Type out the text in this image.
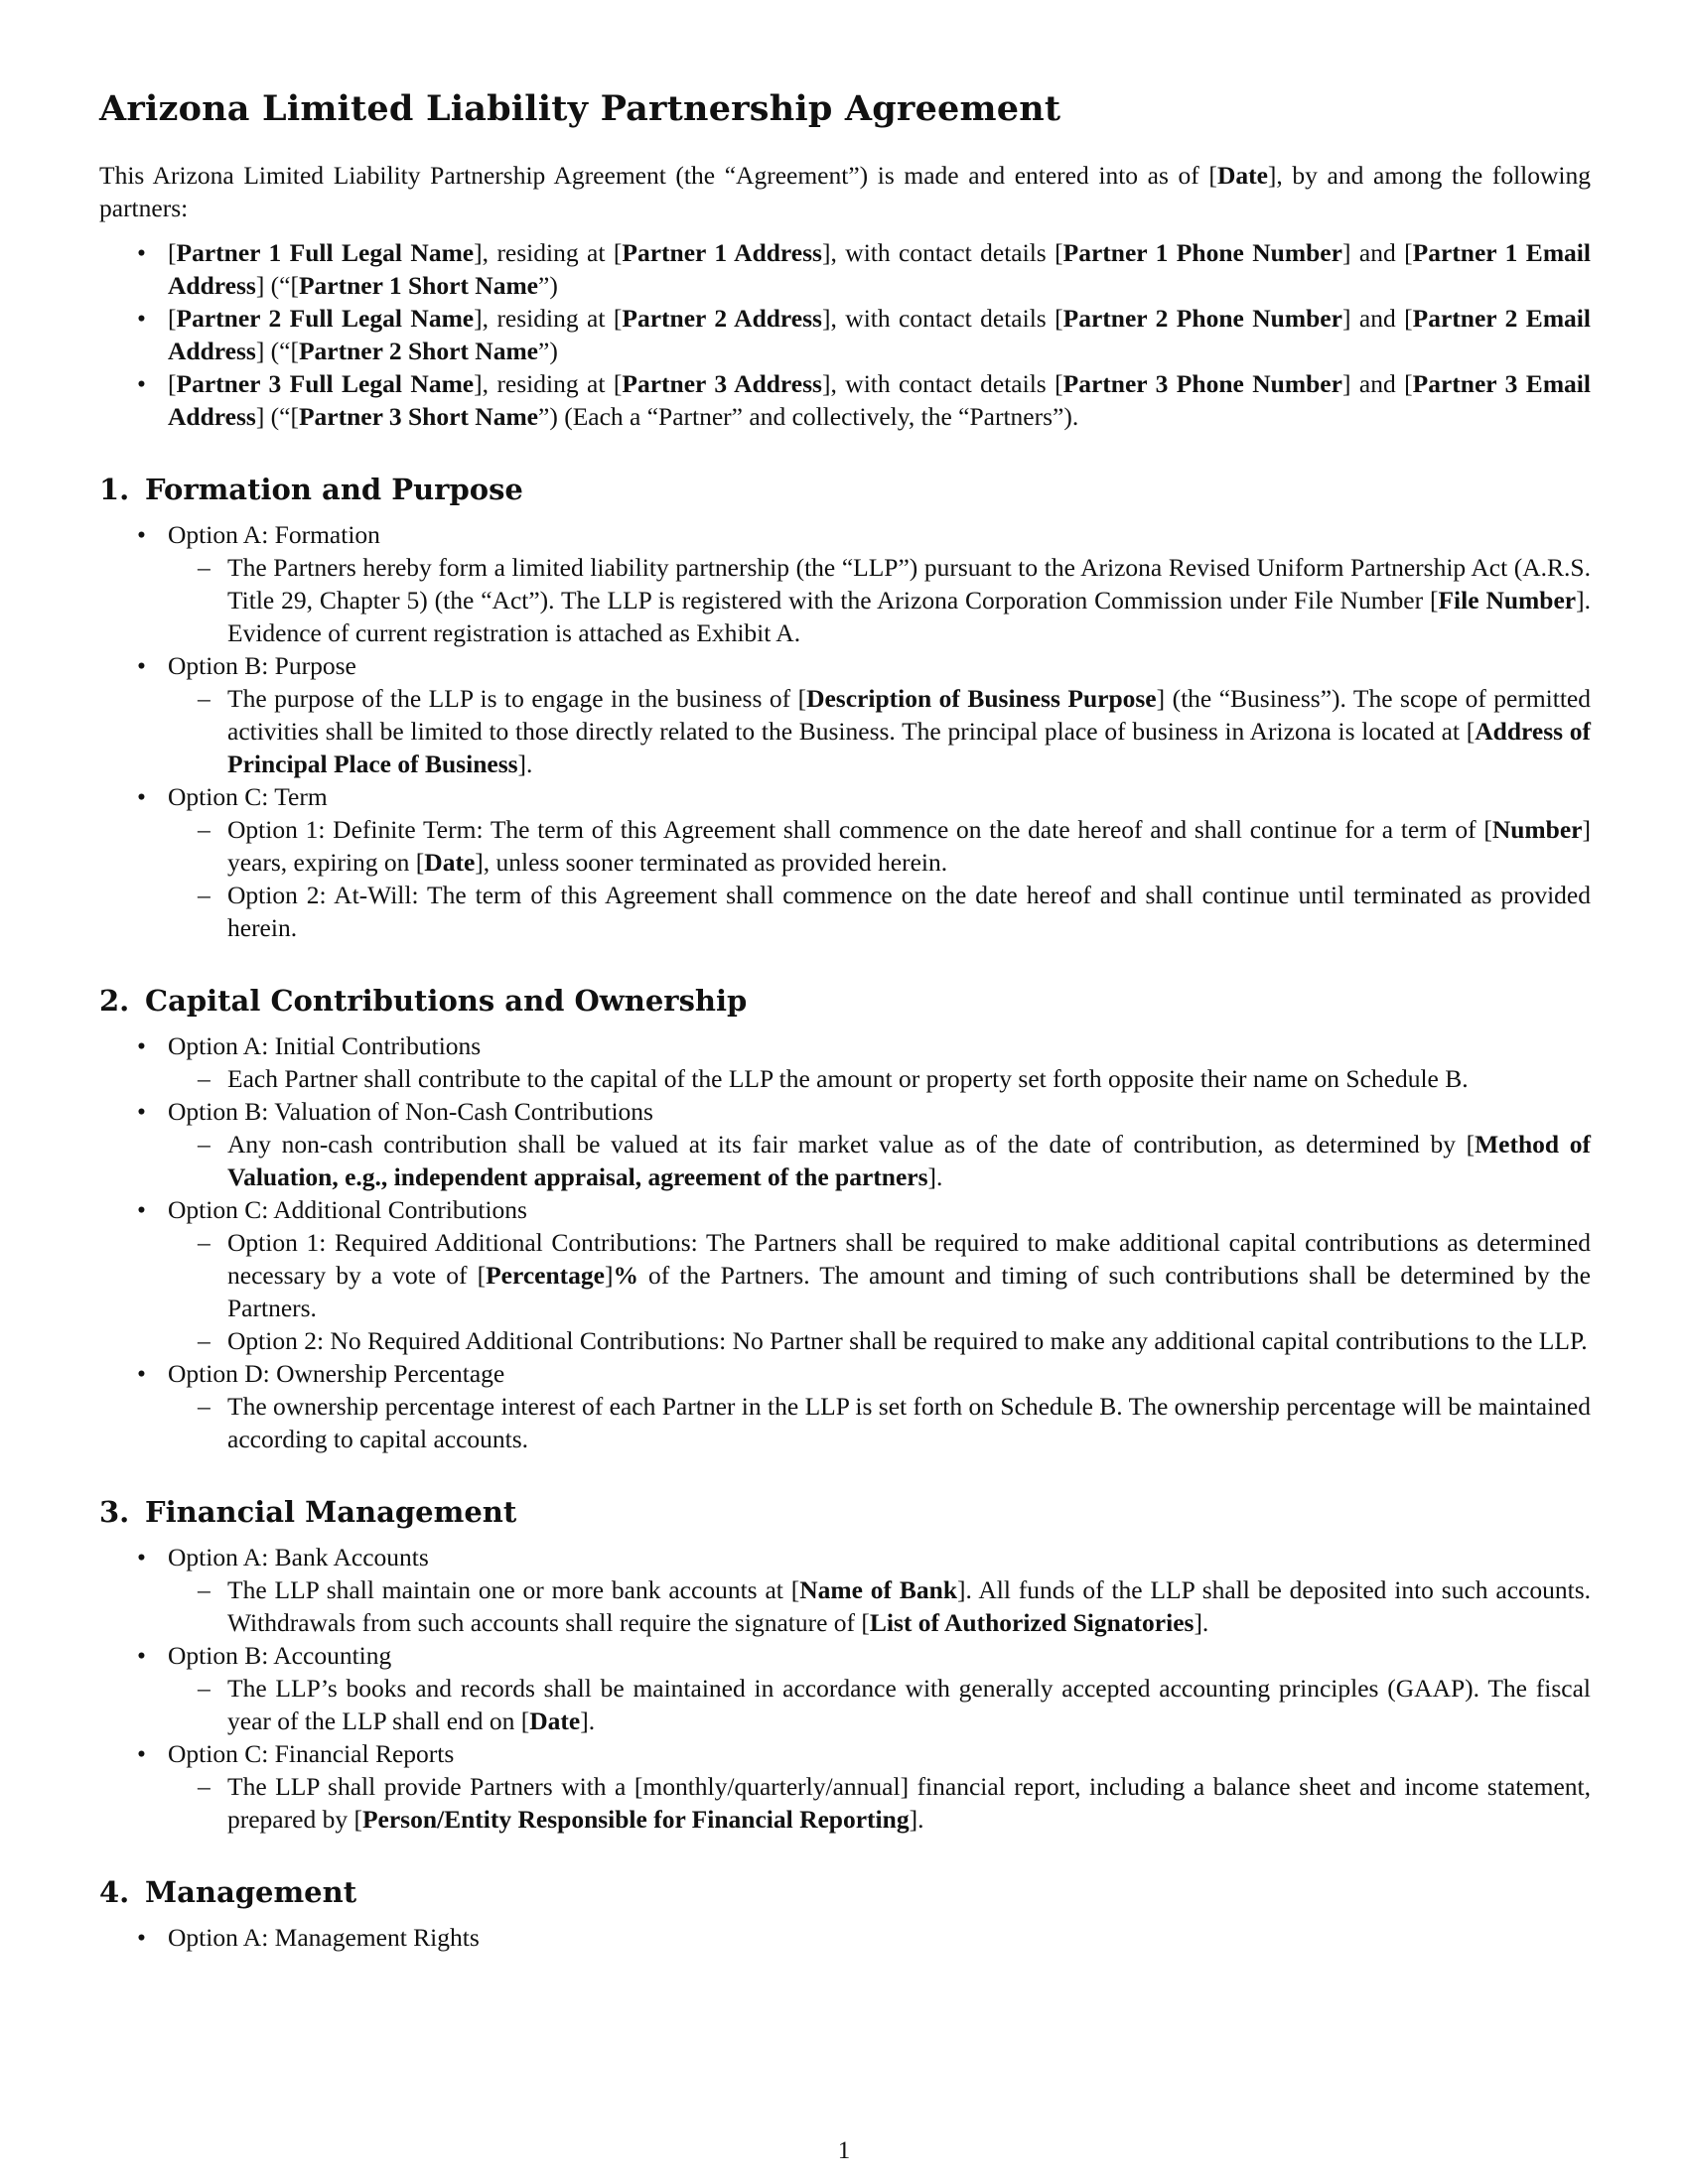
Arizona Limited Liability Partnership Agreement

This Arizona Limited Liability Partnership Agreement (the “Agreement”) is made and entered into as of [Date], by and among the following partners:

• [Partner 1 Full Legal Name], residing at [Partner 1 Address], with contact details [Partner 1 Phone Number] and [Partner 1 Email Address] (“[Partner 1 Short Name”)
• [Partner 2 Full Legal Name], residing at [Partner 2 Address], with contact details [Partner 2 Phone Number] and [Partner 2 Email Address] (“[Partner 2 Short Name”)
• [Partner 3 Full Legal Name], residing at [Partner 3 Address], with contact details [Partner 3 Phone Number] and [Partner 3 Email Address] (“[Partner 3 Short Name”) (Each a “Partner” and collectively, the “Partners”).
1. Formation and Purpose
• Option A: Formation
– The Partners hereby form a limited liability partnership (the “LLP”) pursuant to the Arizona Revised Uniform Partnership Act (A.R.S. Title 29, Chapter 5) (the “Act”). The LLP is registered with the Arizona Corporation Commission under File Number [File Number]. Evidence of current registration is attached as Exhibit A.
• Option B: Purpose
– The purpose of the LLP is to engage in the business of [Description of Business Purpose] (the “Business”). The scope of permitted activities shall be limited to those directly related to the Business. The principal place of business in Arizona is located at [Address of Principal Place of Business].
• Option C: Term
– Option 1: Definite Term: The term of this Agreement shall commence on the date hereof and shall continue for a term of [Number] years, expiring on [Date], unless sooner terminated as provided herein.
– Option 2: At-Will: The term of this Agreement shall commence on the date hereof and shall continue until terminated as provided herein.
2. Capital Contributions and Ownership
• Option A: Initial Contributions
– Each Partner shall contribute to the capital of the LLP the amount or property set forth opposite their name on Schedule B.
• Option B: Valuation of Non-Cash Contributions
– Any non-cash contribution shall be valued at its fair market value as of the date of contribution, as determined by [Method of Valuation, e.g., independent appraisal, agreement of the partners].
• Option C: Additional Contributions
– Option 1: Required Additional Contributions: The Partners shall be required to make additional capital contributions as determined necessary by a vote of [Percentage]% of the Partners. The amount and timing of such contributions shall be determined by the Partners.
– Option 2: No Required Additional Contributions: No Partner shall be required to make any additional capital contributions to the LLP.
• Option D: Ownership Percentage
– The ownership percentage interest of each Partner in the LLP is set forth on Schedule B. The ownership percentage will be maintained according to capital accounts.
3. Financial Management
• Option A: Bank Accounts
– The LLP shall maintain one or more bank accounts at [Name of Bank]. All funds of the LLP shall be deposited into such accounts. Withdrawals from such accounts shall require the signature of [List of Authorized Signatories].
• Option B: Accounting
– The LLP’s books and records shall be maintained in accordance with generally accepted accounting principles (GAAP). The fiscal year of the LLP shall end on [Date].
• Option C: Financial Reports
– The LLP shall provide Partners with a [monthly/quarterly/annual] financial report, including a balance sheet and income statement, prepared by [Person/Entity Responsible for Financial Reporting].
4. Management
• Option A: Management Rights
1
